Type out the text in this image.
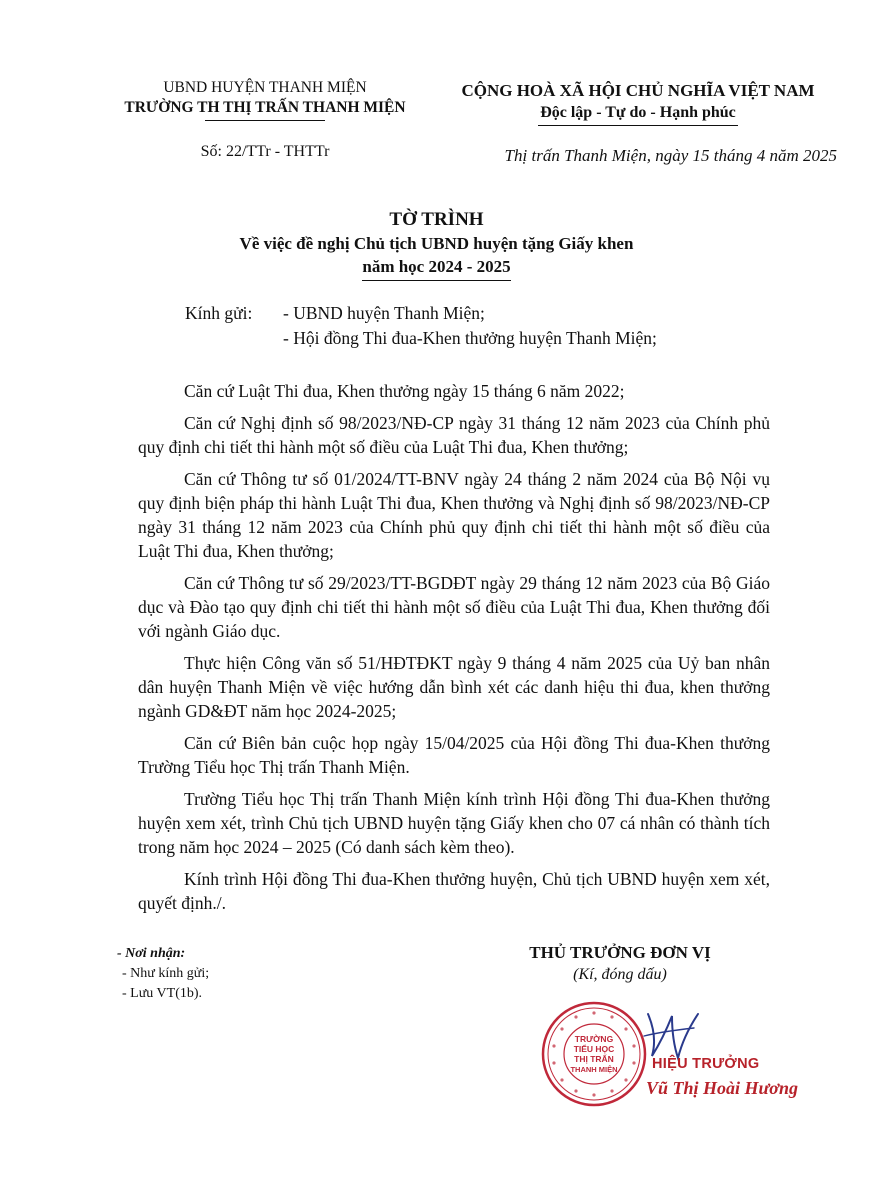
UBND HUYỆN THANH MIỆN
TRƯỜNG TH THỊ TRẤN THANH MIỆN
Số: 22/TTr - THTTr
CỘNG HOÀ XÃ HỘI CHỦ NGHĨA VIỆT NAM
Độc lập - Tự do - Hạnh phúc
Thị trấn Thanh Miện, ngày 15 tháng 4 năm 2025
TỜ TRÌNH
Về việc đề nghị Chủ tịch UBND huyện tặng Giấy khen
năm học 2024 - 2025
Kính gửi:	- UBND huyện Thanh Miện;
- Hội đồng Thi đua-Khen thưởng huyện Thanh Miện;

Căn cứ Luật Thi đua, Khen thưởng ngày 15 tháng 6 năm 2022;

Căn cứ Nghị định số 98/2023/NĐ-CP ngày 31 tháng 12 năm 2023 của Chính phủ quy định chi tiết thi hành một số điều của Luật Thi đua, Khen thưởng;

Căn cứ Thông tư số 01/2024/TT-BNV ngày 24 tháng 2 năm 2024 của Bộ Nội vụ quy định biện pháp thi hành Luật Thi đua, Khen thưởng và Nghị định số 98/2023/NĐ-CP ngày 31 tháng 12 năm 2023 của Chính phủ quy định chi tiết thi hành một số điều của Luật Thi đua, Khen thưởng;

Căn cứ Thông tư số 29/2023/TT-BGDĐT ngày 29 tháng 12 năm 2023 của Bộ Giáo dục và Đào tạo quy định chi tiết thi hành một số điều của Luật Thi đua, Khen thưởng đối với ngành Giáo dục.

Thực hiện Công văn số 51/HĐTĐKT ngày 9 tháng 4 năm 2025 của Uỷ ban nhân dân huyện Thanh Miện về việc hướng dẫn bình xét các danh hiệu thi đua, khen thưởng ngành GD&ĐT năm học 2024-2025;

Căn cứ Biên bản cuộc họp ngày 15/04/2025 của Hội đồng Thi đua-Khen thưởng Trường Tiểu học Thị trấn Thanh Miện.

Trường Tiểu học Thị trấn Thanh Miện kính trình Hội đồng Thi đua-Khen thưởng huyện xem xét, trình Chủ tịch UBND huyện tặng Giấy khen cho 07 cá nhân có thành tích trong năm học 2024 – 2025 (Có danh sách kèm theo).

Kính trình Hội đồng Thi đua-Khen thưởng huyện, Chủ tịch UBND huyện xem xét, quyết định./.

- Nơi nhận:
- Như kính gửi;
- Lưu VT(1b).
THỦ TRƯỞNG ĐƠN VỊ
(Kí, đóng dấu)
TRƯỜNG
TIỂU HỌC
THỊ TRẤN
THANH MIỆN HIỆU TRƯỞNG
Vũ Thị Hoài Hương
